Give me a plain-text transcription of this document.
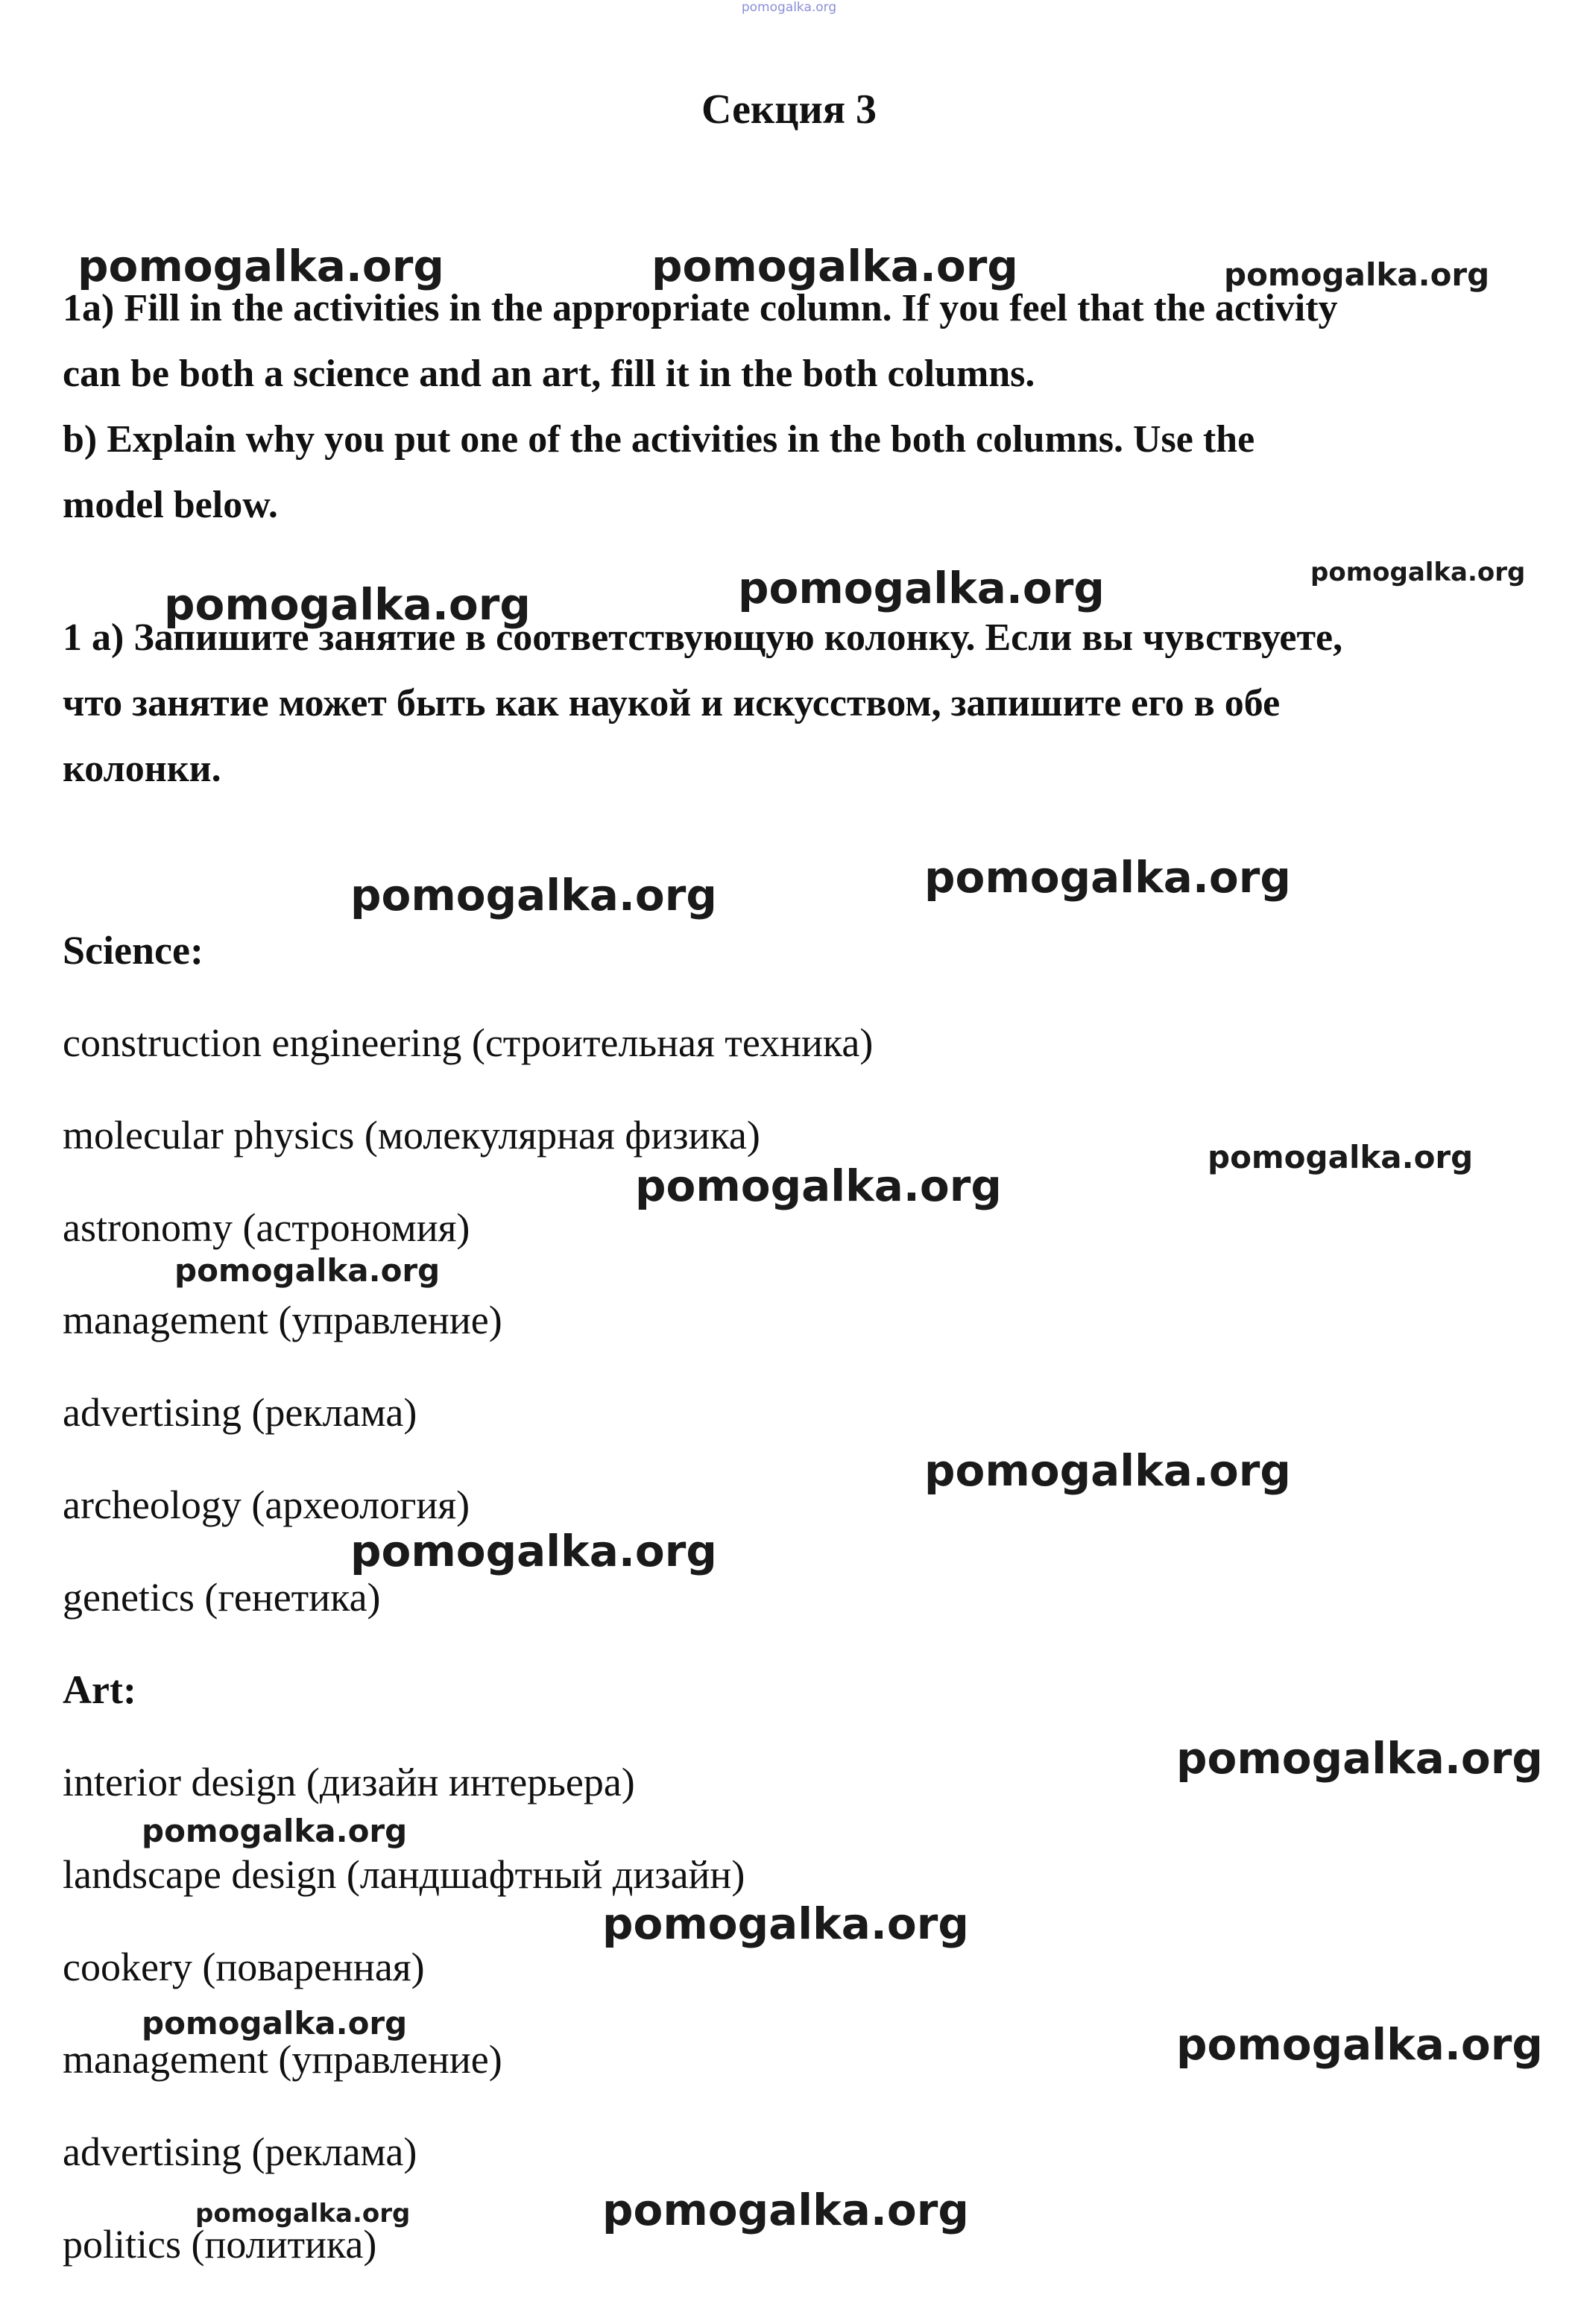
pomogalka.org
Секция 3
1a) Fill in the activities in the appropriate column. If you feel that the activity
can be both a science and an art, fill it in the both columns.
b) Explain why you put one of the activities in the both columns. Use the
model below.
1 а) Запишите занятие в соответствующую колонку. Если вы чувствуете,
что занятие может быть как наукой и искусством, запишите его в обе
колонки.
Science:
construction engineering (строительная техника)
molecular physics (молекулярная физика)
astronomy (астрономия)
management (управление)
advertising (реклама)
archeology (археология)
genetics (генетика)
Art:
interior design (дизайн интерьера)
landscape design (ландшафтный дизайн)
cookery (поваренная)
management (управление)
advertising (реклама)
politics (политика)
pomogalka.org	pomogalka.org	pomogalka.org
pomogalka.org	pomogalka.org	pomogalka.org
pomogalka.org	pomogalka.org
pomogalka.org
pomogalka.org
pomogalka.org
pomogalka.org
pomogalka.org
pomogalka.org
pomogalka.org
pomogalka.org
pomogalka.org	pomogalka.org
pomogalka.org	pomogalka.org
